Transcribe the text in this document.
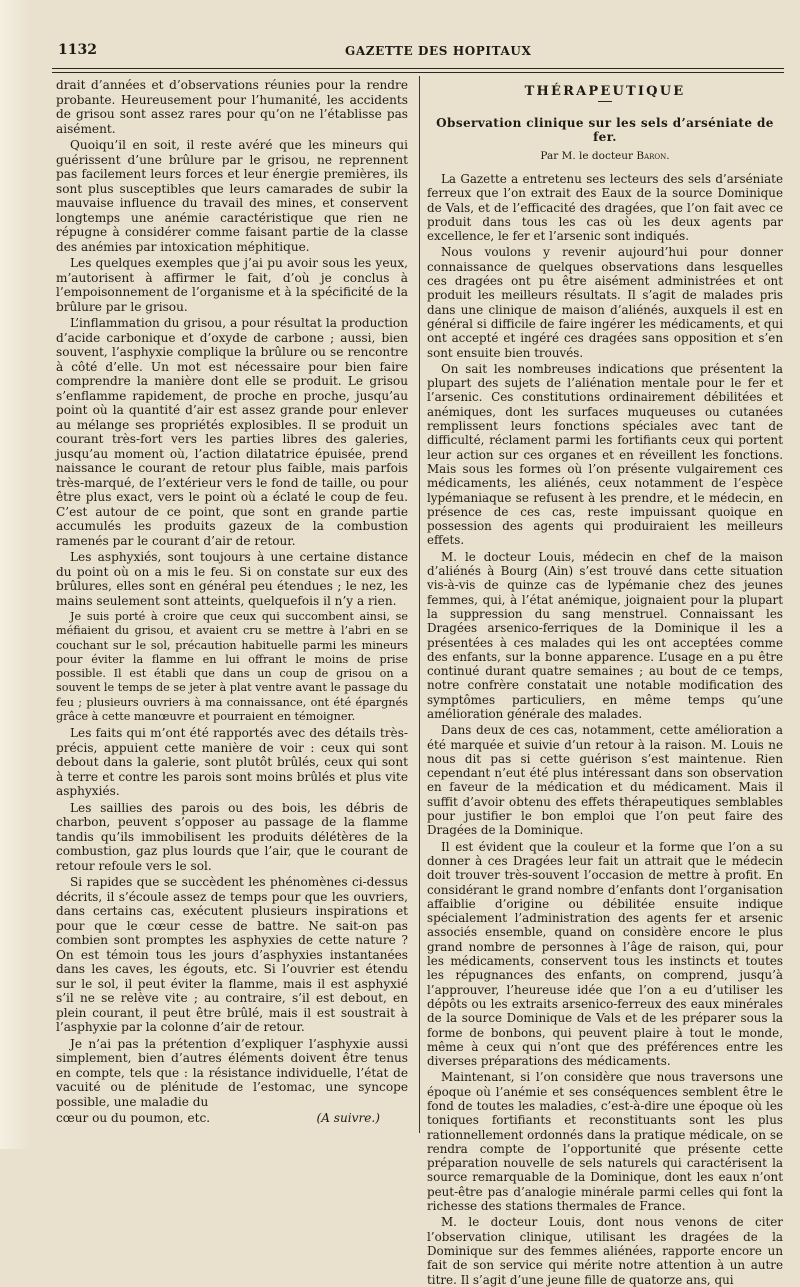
1132	GAZETTE DES HOPITAUX

drait d’années et d’observations réunies pour la rendre probante. Heureusement pour l’humanité, les accidents de grisou sont assez rares pour qu’on ne l’établisse pas aisément.

Quoiqu’il en soit, il reste avéré que les mineurs qui guérissent d’une brûlure par le grisou, ne reprennent pas facilement leurs forces et leur énergie premières, ils sont plus susceptibles que leurs camarades de subir la mauvaise influence du travail des mines, et conservent longtemps une anémie caractéristique que rien ne répugne à considérer comme faisant partie de la classe des anémies par intoxication méphitique.

Les quelques exemples que j’ai pu avoir sous les yeux, m’autorisent à affirmer le fait, d’où je conclus à l’empoisonnement de l’organisme et à la spécificité de la brûlure par le grisou.

L’inflammation du grisou, a pour résultat la production d’acide carbonique et d’oxyde de carbone ; aussi, bien souvent, l’asphyxie complique la brûlure ou se rencontre à côté d’elle. Un mot est nécessaire pour bien faire comprendre la manière dont elle se produit. Le grisou s’enflamme rapidement, de proche en proche, jusqu’au point où la quantité d’air est assez grande pour enlever au mélange ses propriétés explosibles. Il se produit un courant très-fort vers les parties libres des galeries, jusqu’au moment où, l’action dilatatrice épuisée, prend naissance le courant de retour plus faible, mais parfois très-marqué, de l’extérieur vers le fond de taille, ou pour être plus exact, vers le point où a éclaté le coup de feu. C’est autour de ce point, que sont en grande partie accumulés les produits gazeux de la combustion ramenés par le courant d’air de retour.

Les asphyxiés, sont toujours à une certaine distance du point où on a mis le feu. Si on constate sur eux des brûlures, elles sont en général peu étendues ; le nez, les mains seulement sont atteints, quelquefois il n’y a rien.

Je suis porté à croire que ceux qui succombent ainsi, se méfiaient du grisou, et avaient cru se mettre à l’abri en se couchant sur le sol, précaution habituelle parmi les mineurs pour éviter la flamme en lui offrant le moins de prise possible. Il est établi que dans un coup de grisou on a souvent le temps de se jeter à plat ventre avant le passage du feu ; plusieurs ouvriers à ma connaissance, ont été épargnés grâce à cette manœuvre et pourraient en témoigner.

Les faits qui m’ont été rapportés avec des détails très-précis, appuient cette manière de voir : ceux qui sont debout dans la galerie, sont plutôt brûlés, ceux qui sont à terre et contre les parois sont moins brûlés et plus vite asphyxiés.

Les saillies des parois ou des bois, les débris de charbon, peuvent s’opposer au passage de la flamme tandis qu’ils immobilisent les produits délétères de la combustion, gaz plus lourds que l’air, que le courant de retour refoule vers le sol.

Si rapides que se succèdent les phénomènes ci-dessus décrits, il s’écoule assez de temps pour que les ouvriers, dans certains cas, exécutent plusieurs inspirations et pour que le cœur cesse de battre. Ne sait-on pas combien sont promptes les asphyxies de cette nature ? On est témoin tous les jours d’asphyxies instantanées dans les caves, les égouts, etc. Si l’ouvrier est étendu sur le sol, il peut éviter la flamme, mais il est asphyxié s’il ne se relève vite ; au contraire, s’il est debout, en plein courant, il peut être brûlé, mais il est soustrait à l’asphyxie par la colonne d’air de retour.

Je n’ai pas la prétention d’expliquer l’asphyxie aussi simplement, bien d’autres éléments doivent être tenus en compte, tels que : la résistance individuelle, l’état de vacuité ou de plénitude de l’estomac, une syncope possible, une maladie du

cœur ou du poumon, etc.	(A suivre.)
THÉRAPEUTIQUE
Observation clinique sur les sels d’arséniate de fer.
Par M. le docteur Baron.

La Gazette a entretenu ses lecteurs des sels d’arséniate ferreux que l’on extrait des Eaux de la source Dominique de Vals, et de l’efficacité des dragées, que l’on fait avec ce produit dans tous les cas où les deux agents par excellence, le fer et l’arsenic sont indiqués.

Nous voulons y revenir aujourd’hui pour donner connaissance de quelques observations dans lesquelles ces dragées ont pu être aisément administrées et ont produit les meilleurs résultats. Il s’agit de malades pris dans une clinique de maison d’aliénés, auxquels il est en général si difficile de faire ingérer les médicaments, et qui ont accepté et ingéré ces dragées sans opposition et s’en sont ensuite bien trouvés.

On sait les nombreuses indications que présentent la plupart des sujets de l’aliénation mentale pour le fer et l’arsenic. Ces constitutions ordinairement débilitées et anémiques, dont les surfaces muqueuses ou cutanées remplissent leurs fonctions spéciales avec tant de difficulté, réclament parmi les fortifiants ceux qui portent leur action sur ces organes et en réveillent les fonctions. Mais sous les formes où l’on présente vulgairement ces médicaments, les aliénés, ceux notamment de l’espèce lypémaniaque se refusent à les prendre, et le médecin, en présence de ces cas, reste impuissant quoique en possession des agents qui produiraient les meilleurs effets.

M. le docteur Louis, médecin en chef de la maison d’aliénés à Bourg (Ain) s’est trouvé dans cette situation vis-à-vis de quinze cas de lypémanie chez des jeunes femmes, qui, à l’état anémique, joignaient pour la plupart la suppression du sang menstruel. Connaissant les Dragées arsenico-ferriques de la Dominique il les a présentées à ces malades qui les ont acceptées comme des enfants, sur la bonne apparence. L’usage en a pu être continué durant quatre semaines ; au bout de ce temps, notre confrère constatait une notable modification des symptômes particuliers, en même temps qu’une amélioration générale des malades.

Dans deux de ces cas, notamment, cette amélioration a été marquée et suivie d’un retour à la raison. M. Louis ne nous dit pas si cette guérison s’est maintenue. Rien cependant n’eut été plus intéressant dans son observation en faveur de la médication et du médicament. Mais il suffit d’avoir obtenu des effets thérapeutiques semblables pour justifier le bon emploi que l’on peut faire des Dragées de la Dominique.

Il est évident que la couleur et la forme que l’on a su donner à ces Dragées leur fait un attrait que le médecin doit trouver très-souvent l’occasion de mettre à profit. En considérant le grand nombre d’enfants dont l’organisation affaiblie d’origine ou débilitée ensuite indique spécialement l’administration des agents fer et arsenic associés ensemble, quand on considère encore le plus grand nombre de personnes à l’âge de raison, qui, pour les médicaments, conservent tous les instincts et toutes les répugnances des enfants, on comprend, jusqu’à l’approuver, l’heureuse idée que l’on a eu d’utiliser les dépôts ou les extraits arsenico-ferreux des eaux minérales de la source Dominique de Vals et de les préparer sous la forme de bonbons, qui peuvent plaire à tout le monde, même à ceux qui n’ont que des préférences entre les diverses préparations des médicaments.

Maintenant, si l’on considère que nous traversons une époque où l’anémie et ses conséquences semblent être le fond de toutes les maladies, c’est-à-dire une époque où les toniques fortifiants et reconstituants sont les plus rationnellement ordonnés dans la pratique médicale, on se rendra compte de l’opportunité que présente cette préparation nouvelle de sels naturels qui caractérisent la source remarquable de la Dominique, dont les eaux n’ont peut-être pas d’analogie minérale parmi celles qui font la richesse des stations thermales de France.

M. le docteur Louis, dont nous venons de citer l’observation clinique, utilisant les dragées de la Dominique sur des femmes aliénées, rapporte encore un fait de son service qui mérite notre attention à un autre titre. Il s’agit d’une jeune fille de quatorze ans, qui
